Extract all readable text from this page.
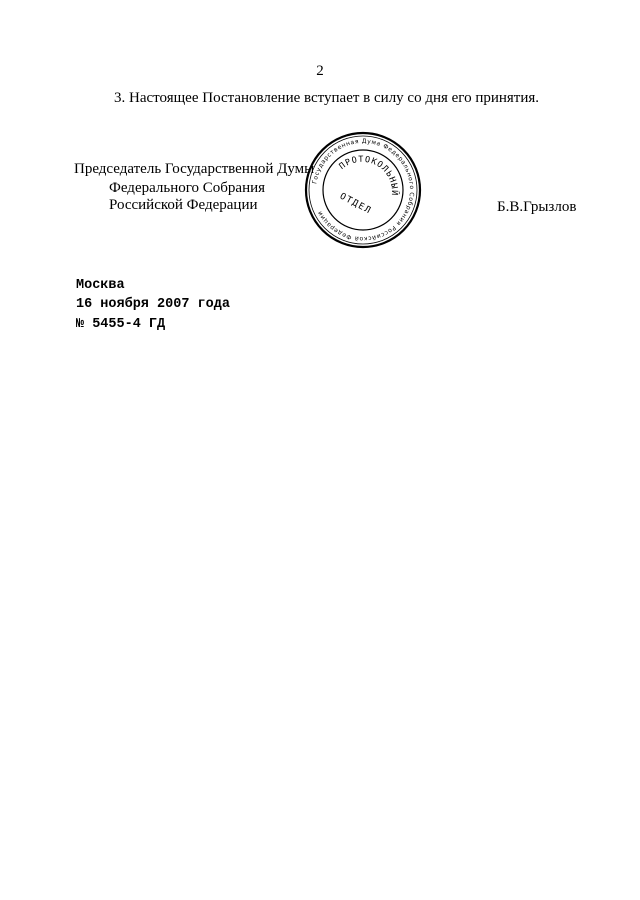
2
3. Настоящее Постановление вступает в силу со дня его принятия.
Председатель Государственной Думы
Федерального Собрания
Российской Федерации	Б.В.Грызлов
Государственная Дума Федерального Собрания Российской Федерации
ПРОТОКОЛЬНЫЙ
ОТДЕЛ
Москва
16 ноября 2007 года
№ 5455-4 ГД
